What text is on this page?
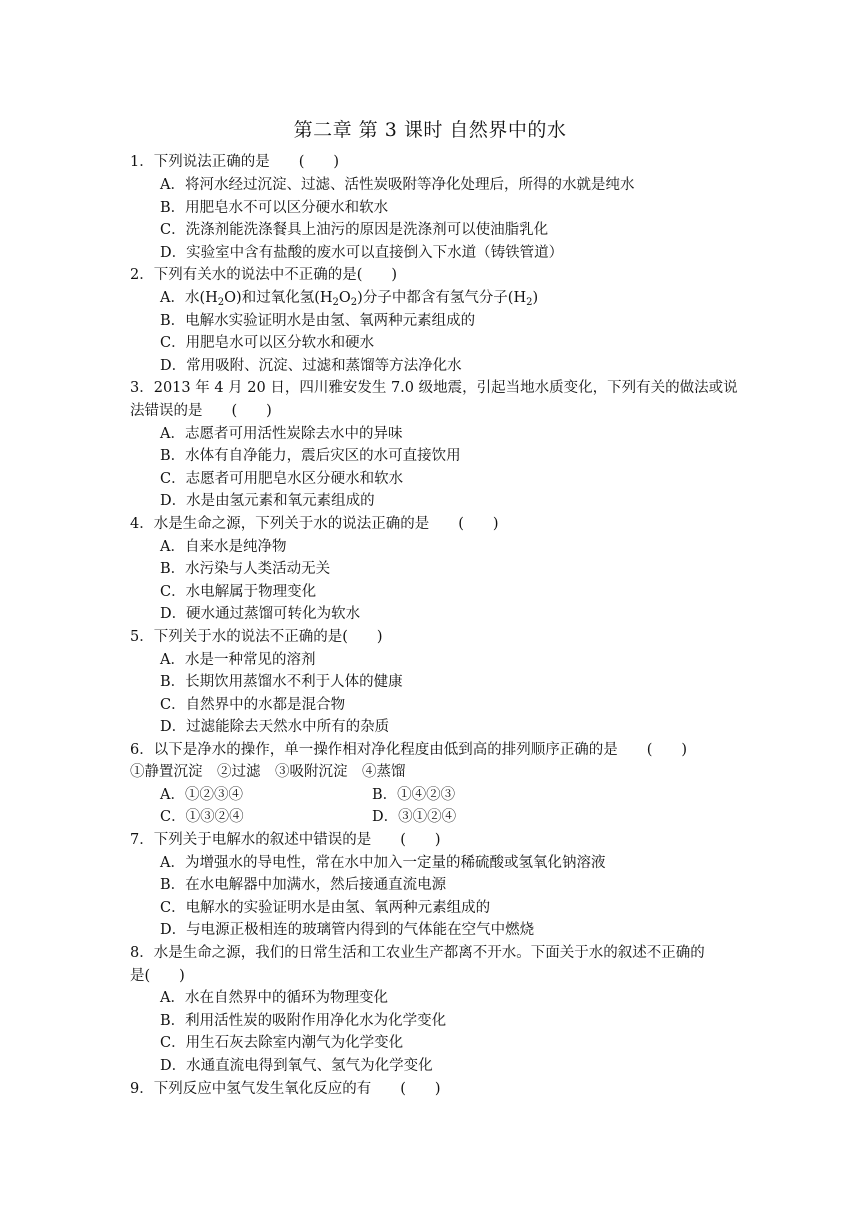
第二章 第 3 课时 自然界中的水
1．下列说法正确的是　　(　　)
A．将河水经过沉淀、过滤、活性炭吸附等净化处理后，所得的水就是纯水
B．用肥皂水不可以区分硬水和软水
C．洗涤剂能洗涤餐具上油污的原因是洗涤剂可以使油脂乳化
D．实验室中含有盐酸的废水可以直接倒入下水道（铸铁管道）
2．下列有关水的说法中不正确的是(　　)
A．水$(H_2O)$和过氧化氢$(H_2O_2)$分子中都含有氢气分子$(H_2)$
B．电解水实验证明水是由氢、氧两种元素组成的
C．用肥皂水可以区分软水和硬水
D．常用吸附、沉淀、过滤和蒸馏等方法净化水
3．2013 年 4 月 20 日，四川雅安发生 7.0 级地震，引起当地水质变化，下列有关的做法或说
法错误的是　　(　　)
A．志愿者可用活性炭除去水中的异味
B．水体有自净能力，震后灾区的水可直接饮用
C．志愿者可用肥皂水区分硬水和软水
D．水是由氢元素和氧元素组成的
4．水是生命之源，下列关于水的说法正确的是　　(　　)
A．自来水是纯净物
B．水污染与人类活动无关
C．水电解属于物理变化
D．硬水通过蒸馏可转化为软水
5．下列关于水的说法不正确的是(　　)
A．水是一种常见的溶剂
B．长期饮用蒸馏水不利于人体的健康
C．自然界中的水都是混合物
D．过滤能除去天然水中所有的杂质
6．以下是净水的操作，单一操作相对净化程度由低到高的排列顺序正确的是　　(　　)
①静置沉淀　②过滤　③吸附沉淀　④蒸馏
A．①②③④	B．①④②③
C．①③②④	D．③①②④
7．下列关于电解水的叙述中错误的是　　(　　)
A．为增强水的导电性，常在水中加入一定量的稀硫酸或氢氧化钠溶液
B．在水电解器中加满水，然后接通直流电源
C．电解水的实验证明水是由氢、氧两种元素组成的
D．与电源正极相连的玻璃管内得到的气体能在空气中燃烧
8．水是生命之源，我们的日常生活和工农业生产都离不开水。下面关于水的叙述不正确的
是(　　)
A．水在自然界中的循环为物理变化
B．利用活性炭的吸附作用净化水为化学变化
C．用生石灰去除室内潮气为化学变化
D．水通直流电得到氧气、氢气为化学变化
9．下列反应中氢气发生氧化反应的有　　(　　)
